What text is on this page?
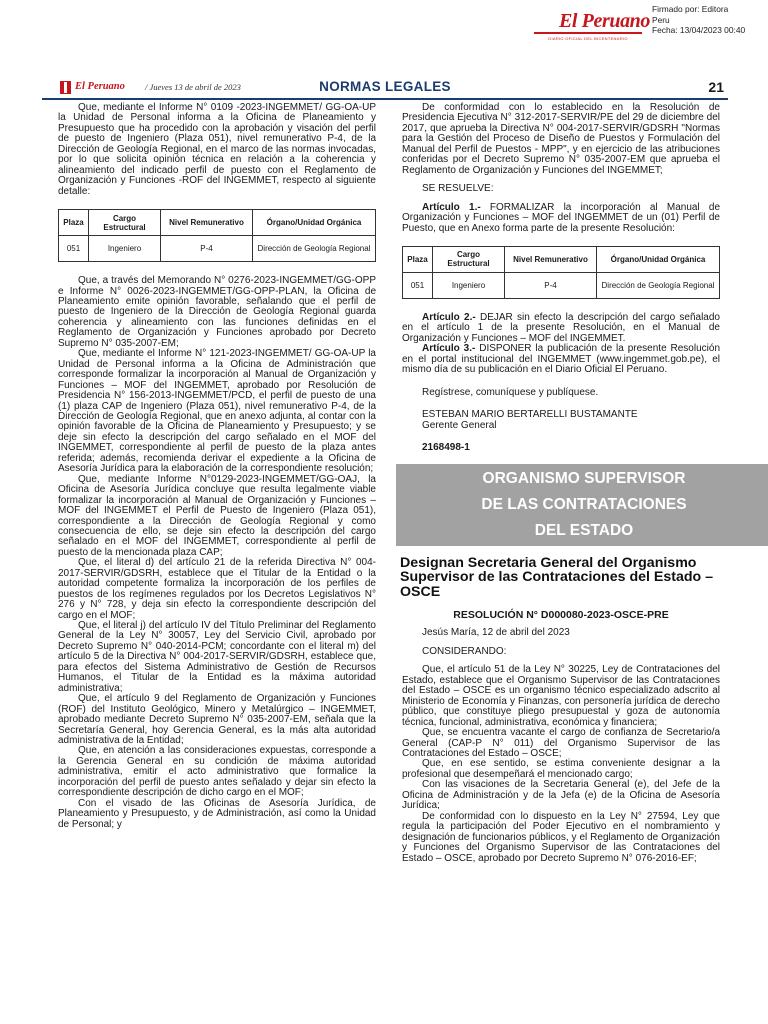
El Peruano
DIARIO OFICIAL DEL BICENTENARIO
Firmado por: Editora
Peru
Fecha: 13/04/2023 00:40
El Peruano / Jueves 13 de abril de 2023	NORMAS LEGALES	21

Que, mediante el Informe N° 0109 -2023-INGEMMET/ GG-OA-UP la Unidad de Personal informa a la Oficina de Planeamiento y Presupuesto que ha procedido con la aprobación y visación del perfil de puesto de Ingeniero (Plaza 051), nivel remunerativo P-4, de la Dirección de Geología Regional, en el marco de las normas invocadas, por lo que solicita opinión técnica en relación a la coherencia y alineamiento del indicado perfil de puesto con el Reglamento de Organización y Funciones -ROF del INGEMMET, respecto al siguiente detalle:

Plaza	Cargo Estructural	Nivel Remunerativo	Órgano/Unidad Orgánica
051	Ingeniero	P-4	Dirección de Geología Regional

Que, a través del Memorando N° 0276-2023-INGEMMET/GG-OPP e Informe N° 0026-2023-INGEMMET/GG-OPP-PLAN, la Oficina de Planeamiento emite opinión favorable, señalando que el perfil de puesto de Ingeniero de la Dirección de Geología Regional guarda coherencia y alineamiento con las funciones definidas en el Reglamento de Organización y Funciones aprobado por Decreto Supremo N° 035-2007-EM;

Que, mediante el Informe N° 121-2023-INGEMMET/ GG-OA-UP la Unidad de Personal informa a la Oficina de Administración que corresponde formalizar la incorporación al Manual de Organización y Funciones – MOF del INGEMMET, aprobado por Resolución de Presidencia N° 156-2013-INGEMMET/PCD, el perfil de puesto de una (1) plaza CAP de Ingeniero (Plaza 051), nivel remunerativo P-4, de la Dirección de Geología Regional, que en anexo adjunta, al contar con la opinión favorable de la Oficina de Planeamiento y Presupuesto; y se deje sin efecto la descripción del cargo señalado en el MOF del INGEMMET, correspondiente al perfil de puesto de la plaza antes referida; además, recomienda derivar el expediente a la Oficina de Asesoría Jurídica para la elaboración de la correspondiente resolución;

Que, mediante Informe N°0129-2023-INGEMMET/GG-OAJ, la Oficina de Asesoría Jurídica concluye que resulta legalmente viable formalizar la incorporación al Manual de Organización y Funciones – MOF del INGEMMET el Perfil de Puesto de Ingeniero (Plaza 051), correspondiente a la Dirección de Geología Regional y como consecuencia de ello, se deje sin efecto la descripción del cargo señalado en el MOF del INGEMMET, correspondiente al perfil de puesto de la mencionada plaza CAP;

Que, el literal d) del artículo 21 de la referida Directiva N° 004-2017-SERVIR/GDSRH, establece que el Titular de la Entidad o la autoridad competente formaliza la incorporación de los perfiles de puestos de los regímenes regulados por los Decretos Legislativos N° 276 y N° 728, y deja sin efecto la correspondiente descripción del cargo en el MOF;

Que, el literal j) del artículo IV del Título Preliminar del Reglamento General de la Ley N° 30057, Ley del Servicio Civil, aprobado por Decreto Supremo N° 040-2014-PCM; concordante con el literal m) del artículo 5 de la Directiva N° 004-2017-SERVIR/GDSRH, establece que, para efectos del Sistema Administrativo de Gestión de Recursos Humanos, el Titular de la Entidad es la máxima autoridad administrativa;

Que, el artículo 9 del Reglamento de Organización y Funciones (ROF) del Instituto Geológico, Minero y Metalúrgico – INGEMMET, aprobado mediante Decreto Supremo N° 035-2007-EM, señala que la Secretaría General, hoy Gerencia General, es la más alta autoridad administrativa de la Entidad;

Que, en atención a las consideraciones expuestas, corresponde a la Gerencia General en su condición de máxima autoridad administrativa, emitir el acto administrativo que formalice la incorporación del perfil de puesto antes señalado y dejar sin efecto la correspondiente descripción de dicho cargo en el MOF;

Con el visado de las Oficinas de Asesoría Jurídica, de Planeamiento y Presupuesto, y de Administración, así como la Unidad de Personal; y

De conformidad con lo establecido en la Resolución de Presidencia Ejecutiva N° 312-2017-SERVIR/PE del 29 de diciembre del 2017, que aprueba la Directiva N° 004-2017-SERVIR/GDSRH "Normas para la Gestión del Proceso de Diseño de Puestos y Formulación del Manual del Perfil de Puestos - MPP", y en ejercicio de las atribuciones conferidas por el Decreto Supremo N° 035-2007-EM que aprueba el Reglamento de Organización y Funciones del INGEMMET;

SE RESUELVE:

Artículo 1.- FORMALIZAR la incorporación al Manual de Organización y Funciones – MOF del INGEMMET de un (01) Perfil de Puesto, que en Anexo forma parte de la presente Resolución:

Plaza	Cargo Estructural	Nivel Remunerativo	Órgano/Unidad Orgánica
051	Ingeniero	P-4	Dirección de Geología Regional

Artículo 2.- DEJAR sin efecto la descripción del cargo señalado en el artículo 1 de la presente Resolución, en el Manual de Organización y Funciones – MOF del INGEMMET.

Artículo 3.- DISPONER la publicación de la presente Resolución en el portal institucional del INGEMMET (www.ingemmet.gob.pe), el mismo día de su publicación en el Diario Oficial El Peruano.

Regístrese, comuníquese y publíquese.

ESTEBAN MARIO BERTARELLI BUSTAMANTE

Gerente General

2168498-1

ORGANISMO SUPERVISOR
DE LAS CONTRATACIONES
DEL ESTADO
Designan Secretaria General del Organismo Supervisor de las Contrataciones del Estado – OSCE
RESOLUCIÓN N° D000080-2023-OSCE-PRE

Jesús María, 12 de abril del 2023

CONSIDERANDO:

Que, el artículo 51 de la Ley N° 30225, Ley de Contrataciones del Estado, establece que el Organismo Supervisor de las Contrataciones del Estado – OSCE es un organismo técnico especializado adscrito al Ministerio de Economía y Finanzas, con personería jurídica de derecho público, que constituye pliego presupuestal y goza de autonomía técnica, funcional, administrativa, económica y financiera;

Que, se encuentra vacante el cargo de confianza de Secretario/a General (CAP-P N° 011) del Organismo Supervisor de las Contrataciones del Estado – OSCE;

Que, en ese sentido, se estima conveniente designar a la profesional que desempeñará el mencionado cargo;

Con las visaciones de la Secretaria General (e), del Jefe de la Oficina de Administración y de la Jefa (e) de la Oficina de Asesoría Jurídica;

De conformidad con lo dispuesto en la Ley N° 27594, Ley que regula la participación del Poder Ejecutivo en el nombramiento y designación de funcionarios públicos, y el Reglamento de Organización y Funciones del Organismo Supervisor de las Contrataciones del Estado – OSCE, aprobado por Decreto Supremo N° 076-2016-EF;
